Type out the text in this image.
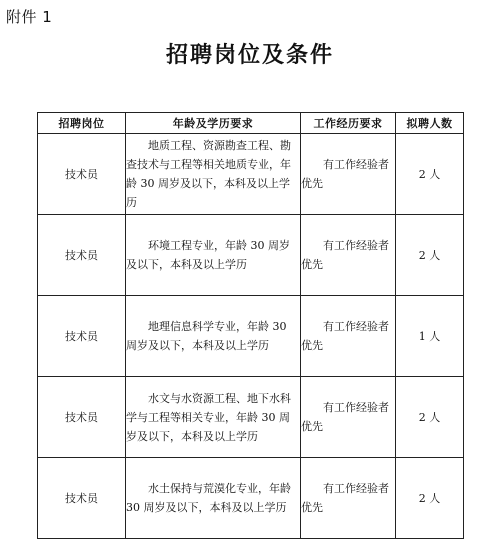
附件 1
招聘岗位及条件
招聘岗位	年龄及学历要求	工作经历要求	拟聘人数
技术员	地质工程、资源勘查工程、勘查技术与工程等相关地质专业，年龄 30 周岁及以下，本科及以上学历	有工作经验者优先	2 人
技术员	环境工程专业，年龄 30 周岁及以下，本科及以上学历	有工作经验者优先	2 人
技术员	地理信息科学专业，年龄 30 周岁及以下，本科及以上学历	有工作经验者优先	1 人
技术员	水文与水资源工程、地下水科学与工程等相关专业，年龄 30 周岁及以下，本科及以上学历	有工作经验者优先	2 人
技术员	水土保持与荒漠化专业，年龄 30 周岁及以下，本科及以上学历	有工作经验者优先	2 人
